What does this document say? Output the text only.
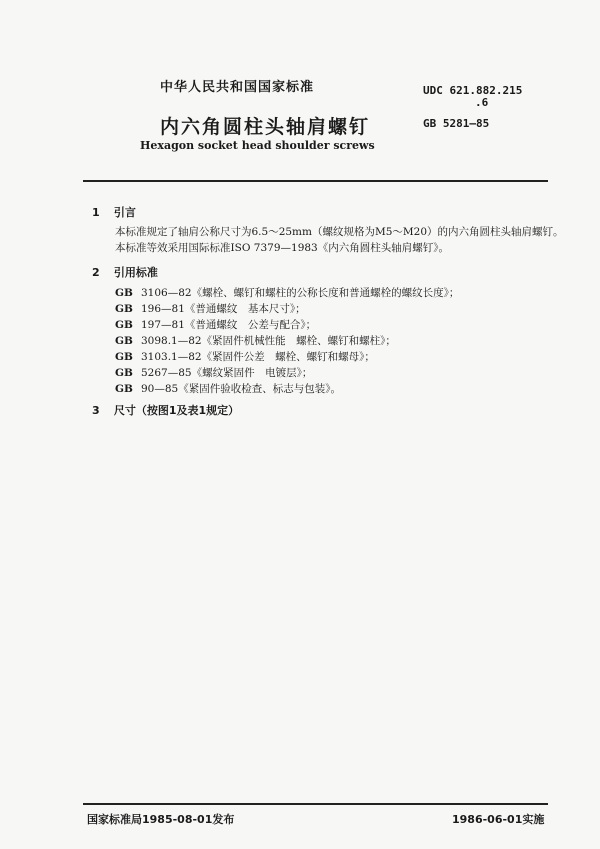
中华人民共和国国家标准
内六角圆柱头轴肩螺钉
Hexagon socket head shoulder screws
UDC 621.882.215
.6
GB 5281—85
1 引言
本标准规定了轴肩公称尺寸为6.5～25mm（螺纹规格为M5～M20）的内六角圆柱头轴肩螺钉。
本标准等效采用国际标准ISO 7379—1983《内六角圆柱头轴肩螺钉》。
2 引用标准
GB 3106—82《螺栓、螺钉和螺柱的公称长度和普通螺栓的螺纹长度》；
GB 196—81《普通螺纹　基本尺寸》；
GB 197—81《普通螺纹　公差与配合》；
GB 3098.1—82《紧固件机械性能　螺栓、螺钉和螺柱》；
GB 3103.1—82《紧固件公差　螺栓、螺钉和螺母》；
GB 5267—85《螺纹紧固件　电镀层》；
GB 90—85《紧固件验收检查、标志与包装》。
3 尺寸（按图1及表1规定）
国家标准局1985-08-01发布	1986-06-01实施
